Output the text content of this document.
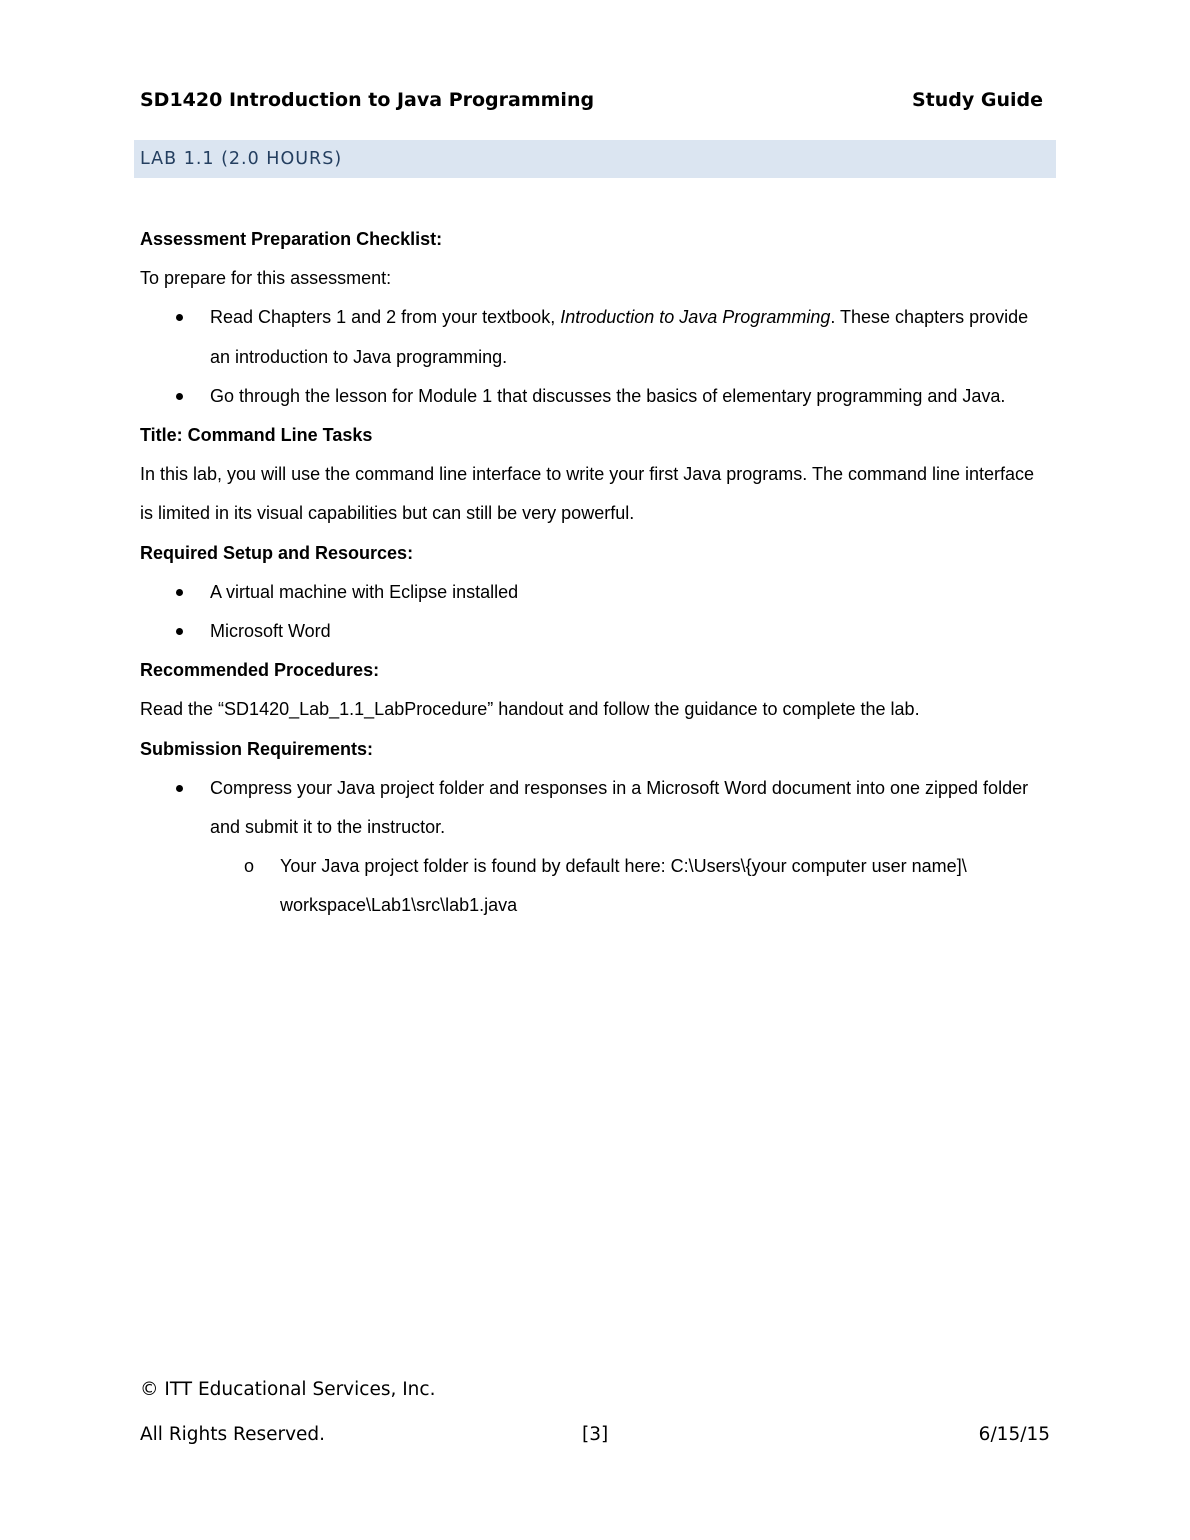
SD1420 Introduction to Java Programming	Study Guide
LAB 1.1 (2.0 HOURS)

Assessment Preparation Checklist:

To prepare for this assessment:

Read Chapters 1 and 2 from your textbook, Introduction to Java Programming. These chapters provide an introduction to Java programming.
Go through the lesson for Module 1 that discusses the basics of elementary programming and Java.

Title: Command Line Tasks

In this lab, you will use the command line interface to write your first Java programs. The command line interface is limited in its visual capabilities but can still be very powerful.

Required Setup and Resources:

A virtual machine with Eclipse installed
Microsoft Word

Recommended Procedures:

Read the “SD1420_Lab_1.1_LabProcedure” handout and follow the guidance to complete the lab.

Submission Requirements:

Compress your Java project folder and responses in a Microsoft Word document into one zipped folder and submit it to the instructor.
o Your Java project folder is found by default here: C:\Users\{your computer user name]\ workspace\Lab1\src\lab1.java
© ITT Educational Services, Inc.
All Rights Reserved.	[3]	6/15/15
